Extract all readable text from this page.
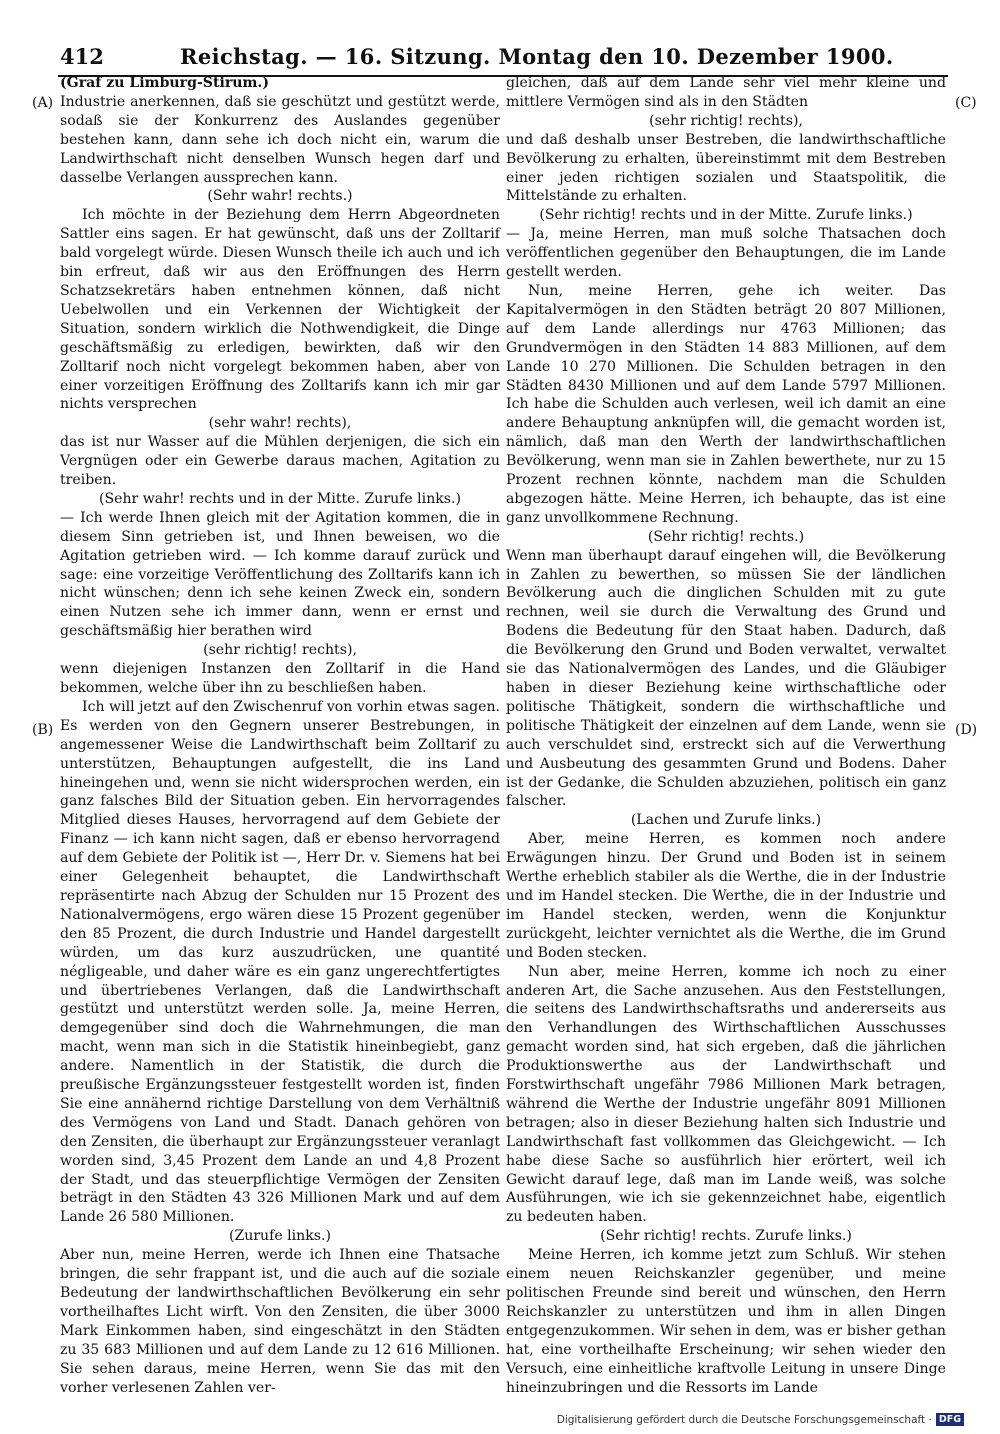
412	Reichstag. — 16. Sitzung. Montag den 10. Dezember 1900.
(A)
(B)
(C)
(D)

(Graf zu Limburg-Stirum.)

Industrie anerkennen, daß sie geschützt und gestützt werde, sodaß sie der Konkurrenz des Auslandes gegenüber bestehen kann, dann sehe ich doch nicht ein, warum die Landwirthschaft nicht denselben Wunsch hegen darf und dasselbe Verlangen aussprechen kann.

(Sehr wahr! rechts.)

Ich möchte in der Beziehung dem Herrn Abgeordneten Sattler eins sagen. Er hat gewünscht, daß uns der Zolltarif bald vorgelegt würde. Diesen Wunsch theile ich auch und ich bin erfreut, daß wir aus den Eröffnungen des Herrn Schatzsekretärs haben entnehmen können, daß nicht Uebelwollen und ein Verkennen der Wichtigkeit der Situation, sondern wirklich die Nothwendigkeit, die Dinge geschäftsmäßig zu erledigen, bewirkten, daß wir den Zolltarif noch nicht vorgelegt bekommen haben, aber von einer vorzeitigen Eröffnung des Zolltarifs kann ich mir gar nichts versprechen

(sehr wahr! rechts),

das ist nur Wasser auf die Mühlen derjenigen, die sich ein Vergnügen oder ein Gewerbe daraus machen, Agitation zu treiben.

(Sehr wahr! rechts und in der Mitte. Zurufe links.)

— Ich werde Ihnen gleich mit der Agitation kommen, die in diesem Sinn getrieben ist, und Ihnen beweisen, wo die Agitation getrieben wird. — Ich komme darauf zurück und sage: eine vorzeitige Veröffentlichung des Zolltarifs kann ich nicht wünschen; denn ich sehe keinen Zweck ein, sondern einen Nutzen sehe ich immer dann, wenn er ernst und geschäftsmäßig hier berathen wird

(sehr richtig! rechts),

wenn diejenigen Instanzen den Zolltarif in die Hand bekommen, welche über ihn zu beschließen haben.

Ich will jetzt auf den Zwischenruf von vorhin etwas sagen. Es werden von den Gegnern unserer Bestrebungen, in angemessener Weise die Landwirthschaft beim Zolltarif zu unterstützen, Behauptungen aufgestellt, die ins Land hineingehen und, wenn sie nicht widersprochen werden, ein ganz falsches Bild der Situation geben. Ein hervorragendes Mitglied dieses Hauses, hervorragend auf dem Gebiete der Finanz — ich kann nicht sagen, daß er ebenso hervorragend auf dem Gebiete der Politik ist —, Herr Dr. v. Siemens hat bei einer Gelegenheit behauptet, die Landwirthschaft repräsentirte nach Abzug der Schulden nur 15 Prozent des Nationalvermögens, ergo wären diese 15 Prozent gegenüber den 85 Prozent, die durch Industrie und Handel dargestellt würden, um das kurz auszudrücken, une quantité négligeable, und daher wäre es ein ganz ungerechtfertigtes und übertriebenes Verlangen, daß die Landwirthschaft gestützt und unterstützt werden solle. Ja, meine Herren, demgegenüber sind doch die Wahrnehmungen, die man macht, wenn man sich in die Statistik hineinbegiebt, ganz andere. Namentlich in der Statistik, die durch die preußische Ergänzungssteuer festgestellt worden ist, finden Sie eine annähernd richtige Darstellung von dem Verhältniß des Vermögens von Land und Stadt. Danach gehören von den Zensiten, die überhaupt zur Ergänzungssteuer veranlagt worden sind, 3,45 Prozent dem Lande an und 4,8 Prozent der Stadt, und das steuerpflichtige Vermögen der Zensiten beträgt in den Städten 43 326 Millionen Mark und auf dem Lande 26 580 Millionen.

(Zurufe links.)

Aber nun, meine Herren, werde ich Ihnen eine Thatsache bringen, die sehr frappant ist, und die auch auf die soziale Bedeutung der landwirthschaftlichen Bevölkerung ein sehr vortheilhaftes Licht wirft. Von den Zensiten, die über 3000 Mark Einkommen haben, sind eingeschätzt in den Städten zu 35 683 Millionen und auf dem Lande zu 12 616 Millionen. Sie sehen daraus, meine Herren, wenn Sie das mit den vorher verlesenen Zahlen ver-

gleichen, daß auf dem Lande sehr viel mehr kleine und mittlere Vermögen sind als in den Städten

(sehr richtig! rechts),

und daß deshalb unser Bestreben, die landwirthschaftliche Bevölkerung zu erhalten, übereinstimmt mit dem Bestreben einer jeden richtigen sozialen und Staatspolitik, die Mittelstände zu erhalten.

(Sehr richtig! rechts und in der Mitte. Zurufe links.)

— Ja, meine Herren, man muß solche Thatsachen doch veröffentlichen gegenüber den Behauptungen, die im Lande gestellt werden.

Nun, meine Herren, gehe ich weiter. Das Kapitalvermögen in den Städten beträgt 20 807 Millionen, auf dem Lande allerdings nur 4763 Millionen; das Grundvermögen in den Städten 14 883 Millionen, auf dem Lande 10 270 Millionen. Die Schulden betragen in den Städten 8430 Millionen und auf dem Lande 5797 Millionen. Ich habe die Schulden auch verlesen, weil ich damit an eine andere Behauptung anknüpfen will, die gemacht worden ist, nämlich, daß man den Werth der landwirthschaftlichen Bevölkerung, wenn man sie in Zahlen bewerthete, nur zu 15 Prozent rechnen könnte, nachdem man die Schulden abgezogen hätte. Meine Herren, ich behaupte, das ist eine ganz unvollkommene Rechnung.

(Sehr richtig! rechts.)

Wenn man überhaupt darauf eingehen will, die Bevölkerung in Zahlen zu bewerthen, so müssen Sie der ländlichen Bevölkerung auch die dinglichen Schulden mit zu gute rechnen, weil sie durch die Verwaltung des Grund und Bodens die Bedeutung für den Staat haben. Dadurch, daß die Bevölkerung den Grund und Boden verwaltet, verwaltet sie das Nationalvermögen des Landes, und die Gläubiger haben in dieser Beziehung keine wirthschaftliche oder politische Thätigkeit, sondern die wirthschaftliche und politische Thätigkeit der einzelnen auf dem Lande, wenn sie auch verschuldet sind, erstreckt sich auf die Verwerthung und Ausbeutung des gesammten Grund und Bodens. Daher ist der Gedanke, die Schulden abzuziehen, politisch ein ganz falscher.

(Lachen und Zurufe links.)

Aber, meine Herren, es kommen noch andere Erwägungen hinzu. Der Grund und Boden ist in seinem Werthe erheblich stabiler als die Werthe, die in der Industrie und im Handel stecken. Die Werthe, die in der Industrie und im Handel stecken, werden, wenn die Konjunktur zurückgeht, leichter vernichtet als die Werthe, die im Grund und Boden stecken.

Nun aber, meine Herren, komme ich noch zu einer anderen Art, die Sache anzusehen. Aus den Feststellungen, die seitens des Landwirthschaftsraths und andererseits aus den Verhandlungen des Wirthschaftlichen Ausschusses gemacht worden sind, hat sich ergeben, daß die jährlichen Produktionswerthe aus der Landwirthschaft und Forstwirthschaft ungefähr 7986 Millionen Mark betragen, während die Werthe der Industrie ungefähr 8091 Millionen betragen; also in dieser Beziehung halten sich Industrie und Landwirthschaft fast vollkommen das Gleichgewicht. — Ich habe diese Sache so ausführlich hier erörtert, weil ich Gewicht darauf lege, daß man im Lande weiß, was solche Ausführungen, wie ich sie gekennzeichnet habe, eigentlich zu bedeuten haben.

(Sehr richtig! rechts. Zurufe links.)

Meine Herren, ich komme jetzt zum Schluß. Wir stehen einem neuen Reichskanzler gegenüber, und meine politischen Freunde sind bereit und wünschen, den Herrn Reichskanzler zu unterstützen und ihm in allen Dingen entgegenzukommen. Wir sehen in dem, was er bisher gethan hat, eine vortheilhafte Erscheinung; wir sehen wieder den Versuch, eine einheitliche kraftvolle Leitung in unsere Dinge hineinzubringen und die Ressorts im Lande

Digitalisierung gefördert durch die Deutsche Forschungsgemeinschaft · DFG
